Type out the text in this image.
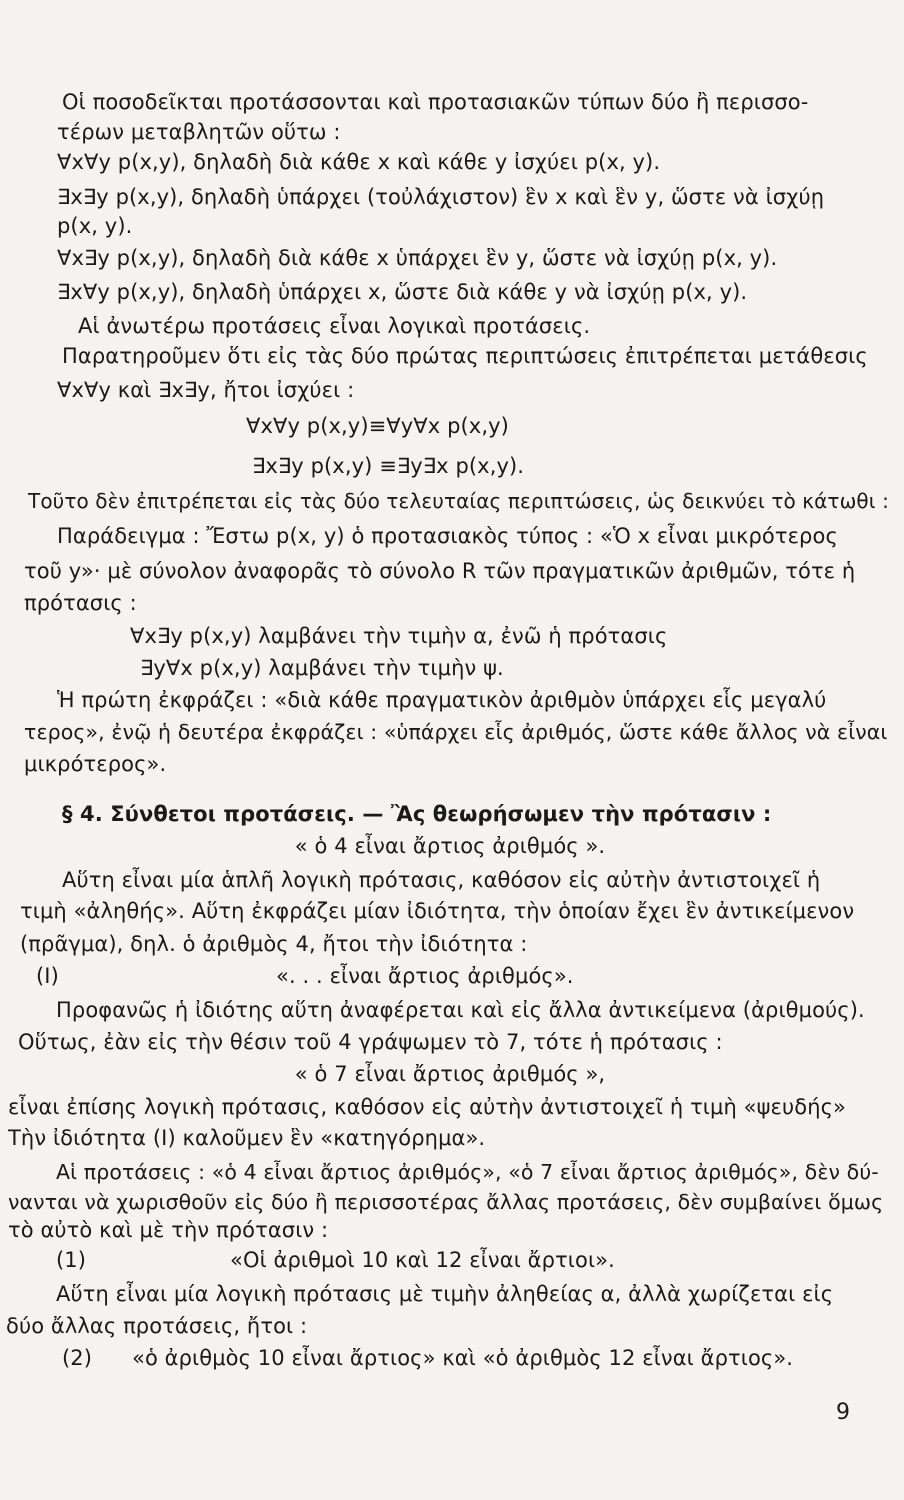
Οἱ ποσοδεῖκται προτάσσονται καὶ προτασιακῶν τύπων δύο ἢ περισσο-
τέρων μεταβλητῶν οὕτω :
∀x∀y p(x,y), δηλαδὴ διὰ κάθε x καὶ κάθε y ἰσχύει p(x, y).
∃x∃y p(x,y), δηλαδὴ ὑπάρχει (τοὐλάχιστον) ἓν x καὶ ἓν y, ὥστε νὰ ἰσχύῃ
p(x, y).
∀x∃y p(x,y), δηλαδὴ διὰ κάθε x ὑπάρχει ἓν y, ὥστε νὰ ἰσχύῃ p(x, y).
∃x∀y p(x,y), δηλαδὴ ὑπάρχει x, ὥστε διὰ κάθε y νὰ ἰσχύῃ p(x, y).
Αἱ ἀνωτέρω προτάσεις εἶναι λογικαὶ προτάσεις.
Παρατηροῦμεν ὅτι εἰς τὰς δύο πρώτας περιπτώσεις ἐπιτρέπεται μετάθεσις
∀x∀y καὶ ∃x∃y, ἤτοι ἰσχύει :
∀x∀y p(x,y)≡∀y∀x p(x,y)
∃x∃y p(x,y) ≡∃y∃x p(x,y).
Τοῦτο δὲν ἐπιτρέπεται εἰς τὰς δύο τελευταίας περιπτώσεις, ὡς δεικνύει τὸ κάτωθι :
Παράδειγμα : Ἔστω p(x, y) ὁ προτασιακὸς τύπος : «Ὁ x εἶναι μικρότερος
τοῦ y»· μὲ σύνολον ἀναφορᾶς τὸ σύνολο R τῶν πραγματικῶν ἀριθμῶν, τότε ἡ
πρότασις :
∀x∃y p(x,y) λαμβάνει τὴν τιμὴν α, ἐνῶ ἡ πρότασις
∃y∀x p(x,y) λαμβάνει τὴν τιμὴν ψ.
Ἡ πρώτη ἐκφράζει : «διὰ κάθε πραγματικὸν ἀριθμὸν ὑπάρχει εἷς μεγαλύ
τερος», ἐνῷ ἡ δευτέρα ἐκφράζει : «ὑπάρχει εἷς ἀριθμός, ὥστε κάθε ἄλλος νὰ εἶναι
μικρότερος».
§ 4. Σύνθετοι προτάσεις. — Ἂς θεωρήσωμεν τὴν πρότασιν :
« ὁ 4 εἶναι ἄρτιος ἀριθμός ».
Αὕτη εἶναι μία ἁπλῆ λογικὴ πρότασις, καθόσον εἰς αὐτὴν ἀντιστοιχεῖ ἡ
τιμὴ «ἀληθής». Αὕτη ἐκφράζει μίαν ἰδιότητα, τὴν ὁποίαν ἔχει ἓν ἀντικείμενον
(πρᾶγμα), δηλ. ὁ ἀριθμὸς 4, ἤτοι τὴν ἰδιότητα :
(I)	«. . . εἶναι ἄρτιος ἀριθμός».
Προφανῶς ἡ ἰδιότης αὕτη ἀναφέρεται καὶ εἰς ἄλλα ἀντικείμενα (ἀριθμούς).
Οὕτως, ἐὰν εἰς τὴν θέσιν τοῦ 4 γράψωμεν τὸ 7, τότε ἡ πρότασις :
« ὁ 7 εἶναι ἄρτιος ἀριθμός »,
εἶναι ἐπίσης λογικὴ πρότασις, καθόσον εἰς αὐτὴν ἀντιστοιχεῖ ἡ τιμὴ «ψευδής»
Τὴν ἰδιότητα (I) καλοῦμεν ἓν «κατηγόρημα».
Αἱ προτάσεις : «ὁ 4 εἶναι ἄρτιος ἀριθμός», «ὁ 7 εἶναι ἄρτιος ἀριθμός», δὲν δύ-
νανται νὰ χωρισθοῦν εἰς δύο ἢ περισσοτέρας ἄλλας προτάσεις, δὲν συμβαίνει ὅμως
τὸ αὐτὸ καὶ μὲ τὴν πρότασιν :
(1)	«Οἱ ἀριθμοὶ 10 καὶ 12 εἶναι ἄρτιοι».
Αὕτη εἶναι μία λογικὴ πρότασις μὲ τιμὴν ἀληθείας α, ἀλλὰ χωρίζεται εἰς
δύο ἄλλας προτάσεις, ἤτοι :
(2) «ὁ ἀριθμὸς 10 εἶναι ἄρτιος» καὶ «ὁ ἀριθμὸς 12 εἶναι ἄρτιος».
9
